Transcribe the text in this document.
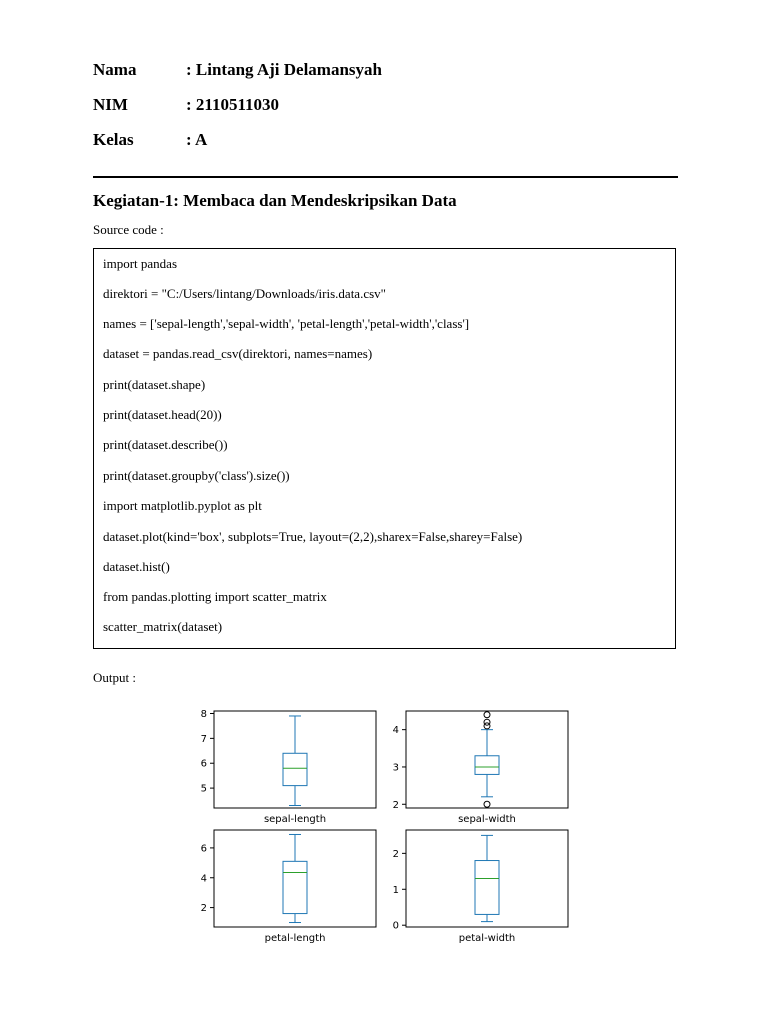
Nama	: Lintang Aji Delamansyah
NIM	: 2110511030
Kelas	: A
Kegiatan-1: Membaca dan Mendeskripsikan Data
Source code :
import pandas
direktori = "C:/Users/lintang/Downloads/iris.data.csv"
names = ['sepal-length','sepal-width', 'petal-length','petal-width','class']
dataset = pandas.read_csv(direktori, names=names)
print(dataset.shape)
print(dataset.head(20))
print(dataset.describe())
print(dataset.groupby('class').size())
import matplotlib.pyplot as plt
dataset.plot(kind='box', subplots=True, layout=(2,2),sharex=False,sharey=False)
dataset.hist()
from pandas.plotting import scatter_matrix
scatter_matrix(dataset)
Output :
5
6
7
8
sepal-length
2
3
4
sepal-width
2
4
6
petal-length
0
1
2
petal-width
